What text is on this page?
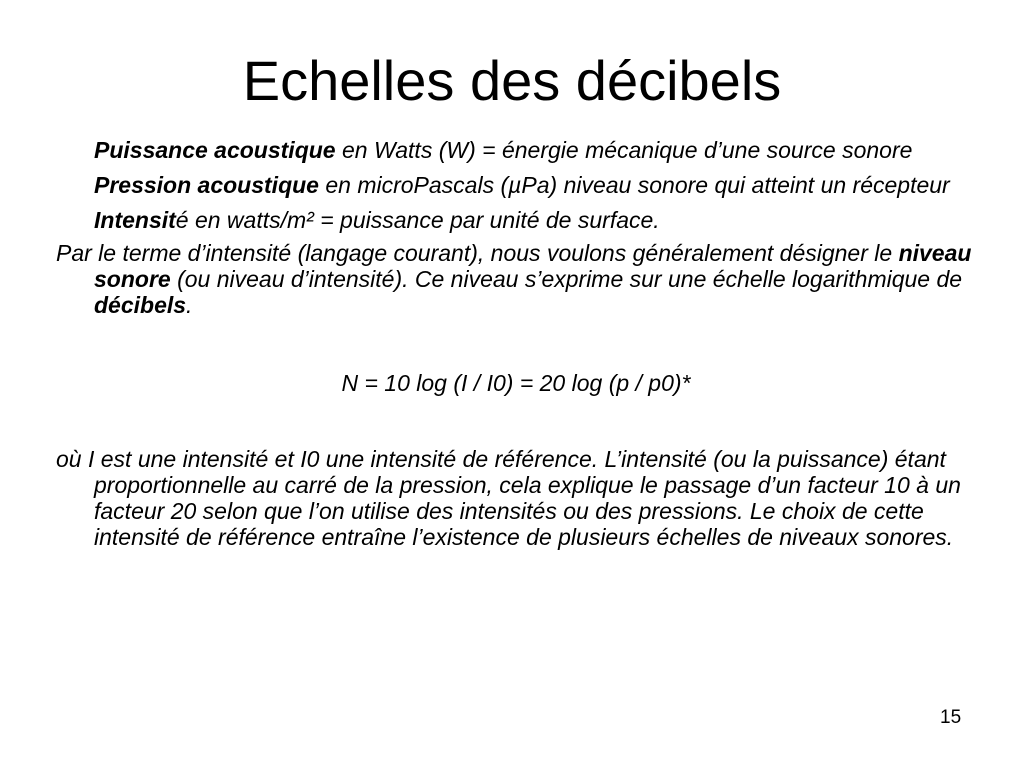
Echelles des décibels

Puissance acoustique en Watts (W) = énergie mécanique d’une source sonore

Pression acoustique en microPascals (µPa) niveau sonore qui atteint un récepteur

Intensité en watts/m² = puissance par unité de surface.

Par le terme d’intensité (langage courant), nous voulons généralement désigner le niveau sonore (ou niveau d’intensité). Ce niveau s’exprime sur une échelle logarithmique de décibels.

N = 10 log (I / I0) = 20 log (p / p0)*

où I est une intensité et I0 une intensité de référence. L’intensité (ou la puissance) étant proportionnelle au carré de la pression, cela explique le passage d’un facteur 10 à un facteur 20 selon que l’on utilise des intensités ou des pressions. Le choix de cette intensité de référence entraîne l’existence de plusieurs échelles de niveaux sonores.

15
